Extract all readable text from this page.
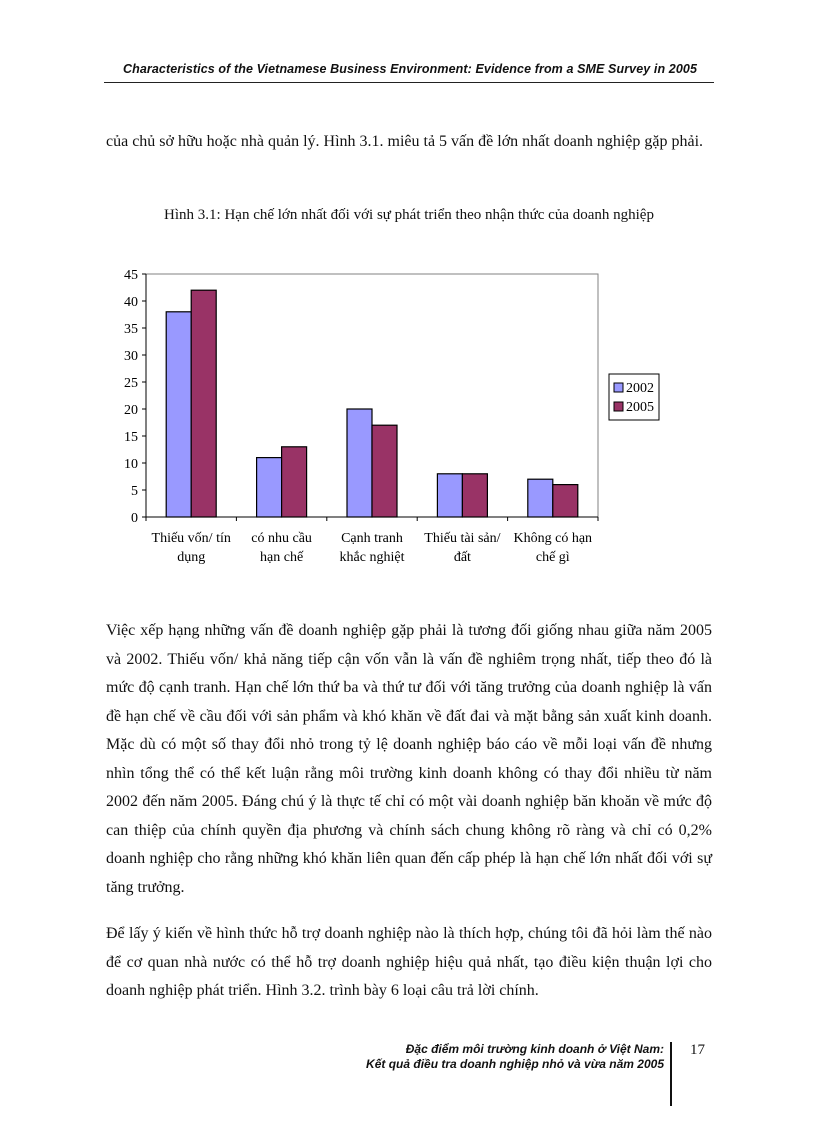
Characteristics of the Vietnamese Business Environment: Evidence from a SME Survey in 2005

của chủ sở hữu hoặc nhà quản lý. Hình 3.1. miêu tả 5 vấn đề lớn nhất doanh nghiệp gặp phải.

Hình 3.1: Hạn chế lớn nhất đối với sự phát triển theo nhận thức của doanh nghiệp

0
5
10
15
20
25
30
35
40
45
Thiếu vốn/ tín
dụng
có nhu cầu
hạn chế
Cạnh tranh
khắc nghiệt
Thiếu tài sản/
đất
Không có hạn
chế gì
2002
2005

Việc xếp hạng những vấn đề doanh nghiệp gặp phải là tương đối giống nhau giữa năm 2005 và 2002. Thiếu vốn/ khả năng tiếp cận vốn vẫn là vấn đề nghiêm trọng nhất, tiếp theo đó là mức độ cạnh tranh. Hạn chế lớn thứ ba và thứ tư đối với tăng trưởng của doanh nghiệp là vấn đề hạn chế về cầu đối với sản phẩm và khó khăn về đất đai và mặt bằng sản xuất kinh doanh. Mặc dù có một số thay đổi nhỏ trong tỷ lệ doanh nghiệp báo cáo về mỗi loại vấn đề nhưng nhìn tổng thể có thể kết luận rằng môi trường kinh doanh không có thay đổi nhiều từ năm 2002 đến năm 2005. Đáng chú ý là thực tế chỉ có một vài doanh nghiệp băn khoăn về mức độ can thiệp của chính quyền địa phương và chính sách chung không rõ ràng và chỉ có 0,2% doanh nghiệp cho rằng những khó khăn liên quan đến cấp phép là hạn chế lớn nhất đối với sự tăng trưởng.

Để lấy ý kiến về hình thức hỗ trợ doanh nghiệp nào là thích hợp, chúng tôi đã hỏi làm thế nào để cơ quan nhà nước có thể hỗ trợ doanh nghiệp hiệu quả nhất, tạo điều kiện thuận lợi cho doanh nghiệp phát triển. Hình 3.2. trình bày 6 loại câu trả lời chính.

Đặc điểm môi trường kinh doanh ở Việt Nam:
Kết quả điều tra doanh nghiệp nhỏ và vừa năm 2005
17
